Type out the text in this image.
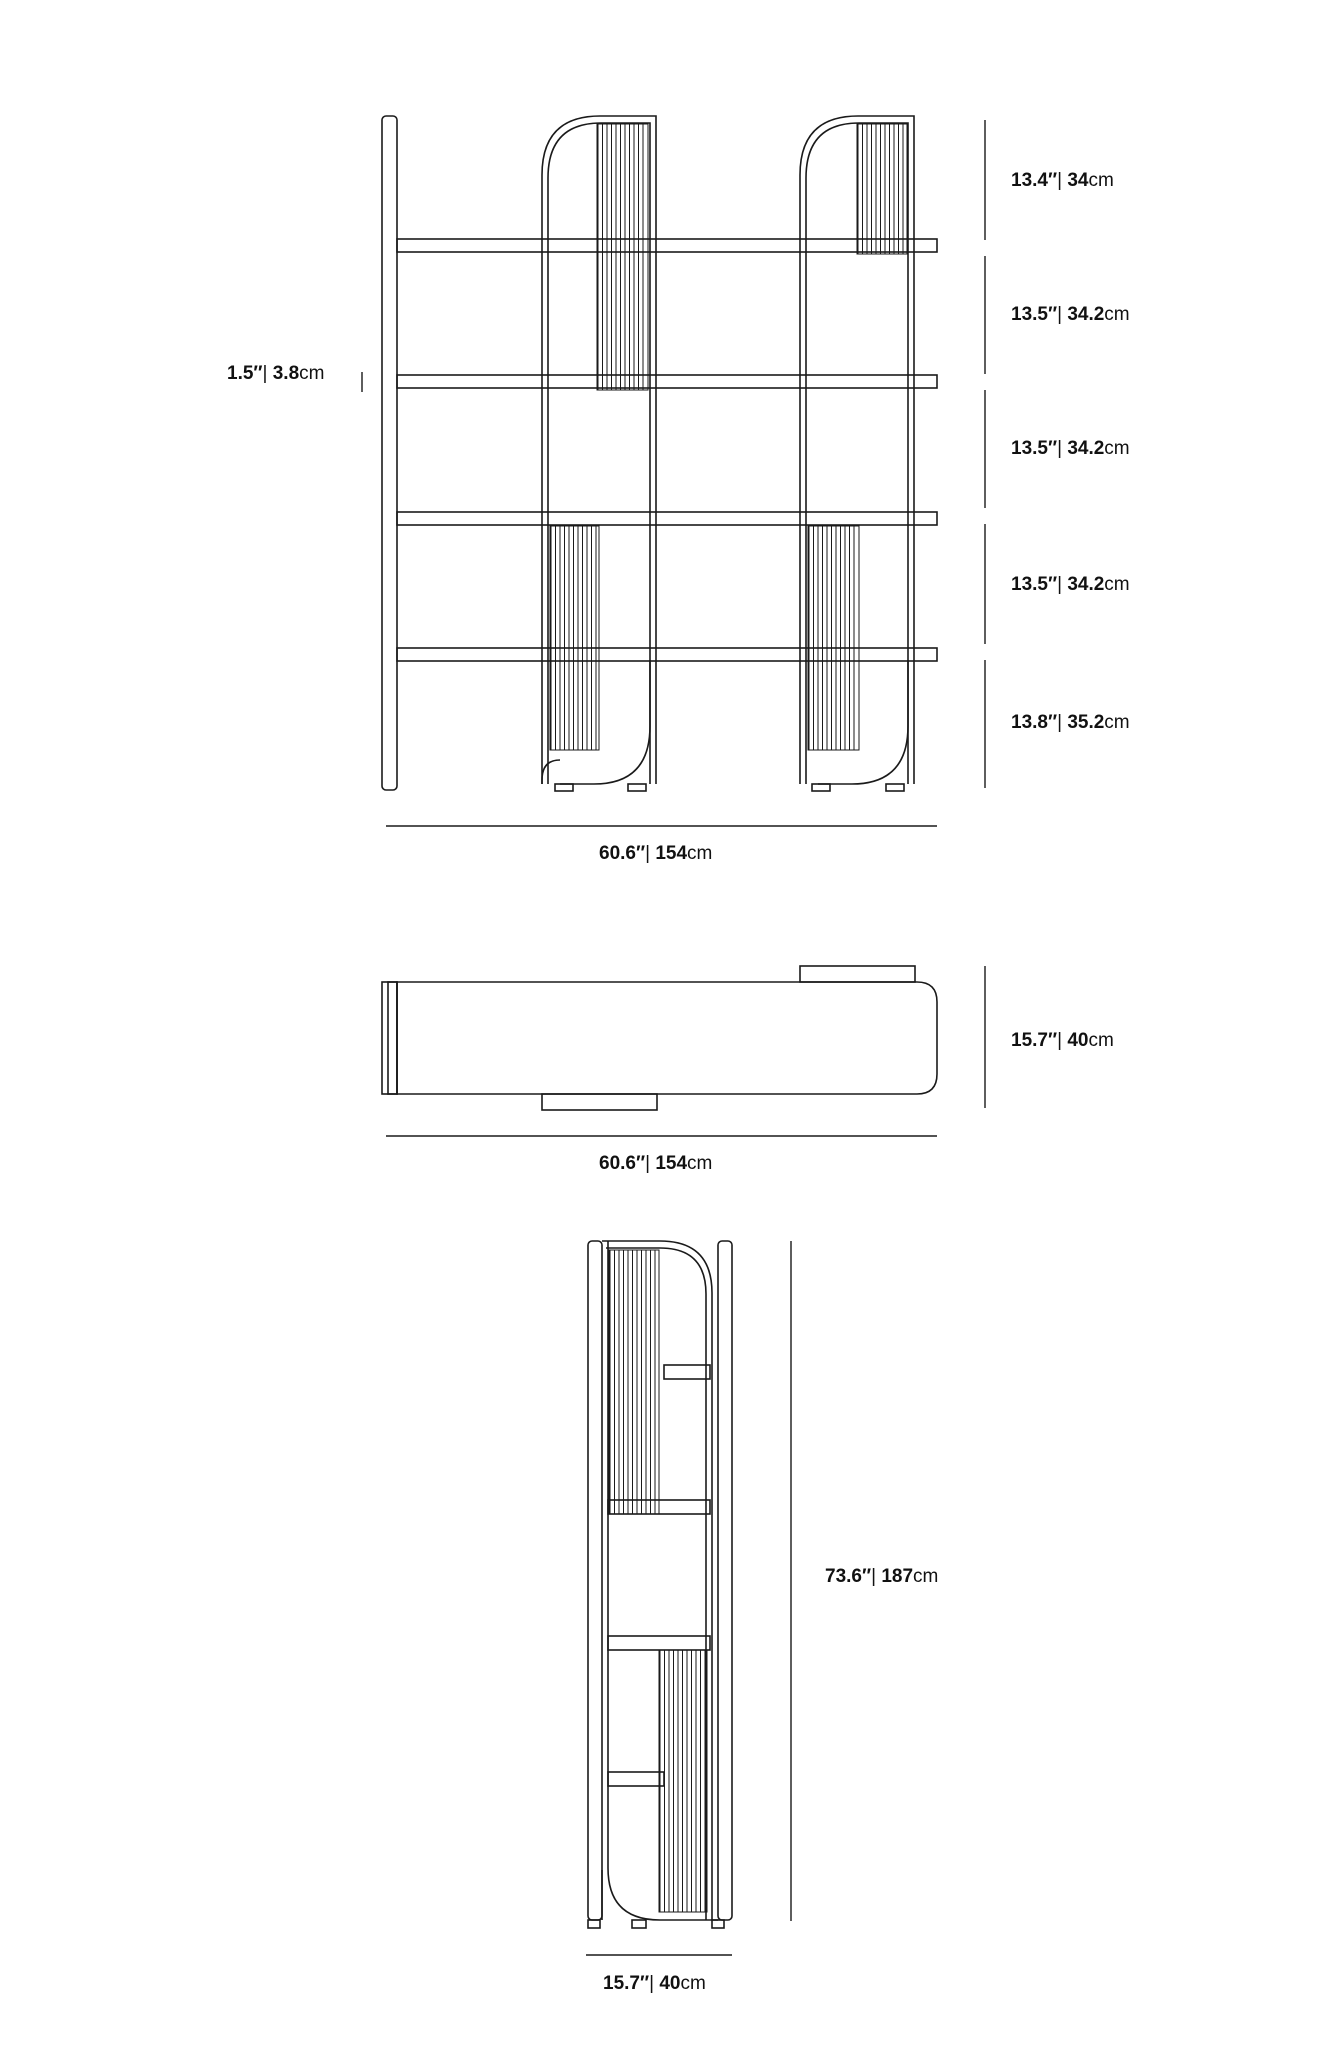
13.4″| 34cm
13.5″| 34.2cm
13.5″| 34.2cm
13.5″| 34.2cm
13.8″| 35.2cm
1.5″| 3.8cm
60.6″| 154cm
15.7″| 40cm
60.6″| 154cm
73.6″| 187cm
15.7″| 40cm
